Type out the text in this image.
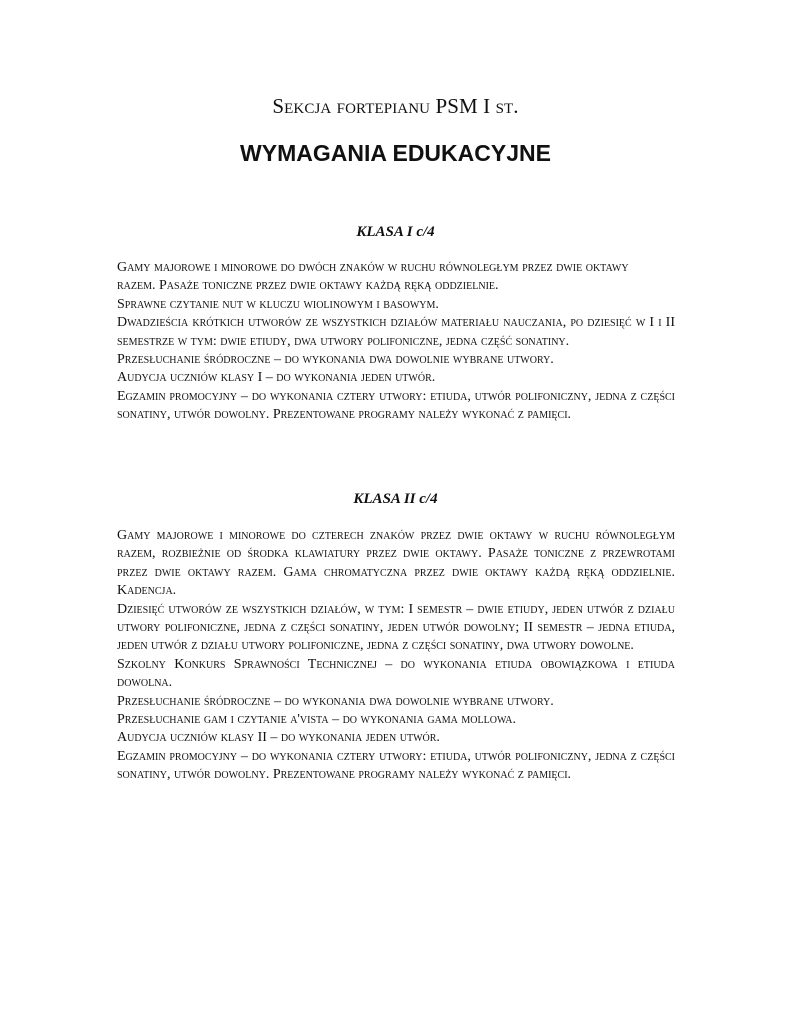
Sekcja fortepianu PSM I st.
WYMAGANIA EDUKACYJNE
KLASA I c/4

Gamy majorowe i minorowe do dwóch znaków w ruchu równoległym przez dwie oktawy

razem. Pasaże toniczne przez dwie oktawy każdą ręką oddzielnie.

Sprawne czytanie nut w kluczu wiolinowym i basowym.

Dwadzieścia krótkich utworów ze wszystkich działów materiału nauczania, po dziesięć w I i II semestrze w tym: dwie etiudy, dwa utwory polifoniczne, jedna część sonatiny.

Przesłuchanie śródroczne – do wykonania dwa dowolnie wybrane utwory.

Audycja uczniów klasy I – do wykonania jeden utwór.

Egzamin promocyjny – do wykonania cztery utwory: etiuda, utwór polifoniczny, jedna z części sonatiny, utwór dowolny. Prezentowane programy należy wykonać z pamięci.

KLASA II c/4

Gamy majorowe i minorowe do czterech znaków przez dwie oktawy w ruchu równoległym razem, rozbieżnie od środka klawiatury przez dwie oktawy. Pasaże toniczne z przewrotami przez dwie oktawy razem. Gama chromatyczna przez dwie oktawy każdą ręką oddzielnie. Kadencja.

Dziesięć utworów ze wszystkich działów, w tym: I semestr – dwie etiudy, jeden utwór z działu utwory polifoniczne, jedna z części sonatiny, jeden utwór dowolny; II semestr – jedna etiuda, jeden utwór z działu utwory polifoniczne, jedna z części sonatiny, dwa utwory dowolne.

Szkolny Konkurs Sprawności Technicznej – do wykonania etiuda obowiązkowa i etiuda dowolna.

Przesłuchanie śródroczne – do wykonania dwa dowolnie wybrane utwory.

Przesłuchanie gam i czytanie a'vista – do wykonania gama mollowa.

Audycja uczniów klasy II – do wykonania jeden utwór.

Egzamin promocyjny – do wykonania cztery utwory: etiuda, utwór polifoniczny, jedna z części sonatiny, utwór dowolny. Prezentowane programy należy wykonać z pamięci.
